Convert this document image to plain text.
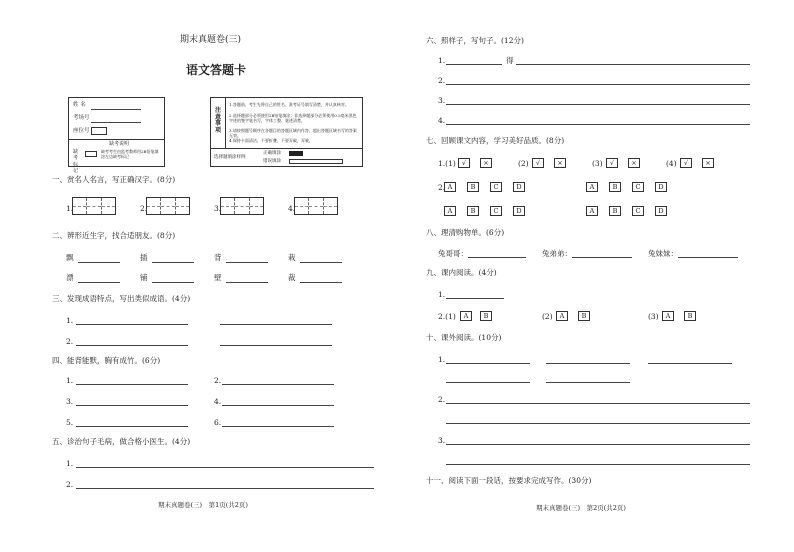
期末真题卷(三)
语文答题卡
姓 名
考场号
座位号
缺考说明
缺考标记
缺考考生由监考教师用2B铅笔填涂左边缺考标记
注意事项
1.答题前，考生先将自己的姓名、准考证号填写清楚，并认真核对。
2.选择题部分必须使用2B铅笔填涂；非选择题部分必须使用0.5毫米黑色字迹的签字笔书写，字体工整、笔迹清楚。
3.请按照题号顺序在各题目的答题区域内作答，超出答题区域书写的答案无效。
4.保持卡面清洁，不要折叠，不要弄破、弄皱。
选择题填涂样例
正确填涂
错误填涂
一、赏名人名言，写正确汉字。(8分)
1.	2.	3.	4.
二、辨形近生字，找合适朋友。(8分)
飘	插	背	栽
漂	铺	壁	裁
三、发现成语特点，写出类似成语。(4分)
1.
2.
四、能背能默，胸有成竹。(6分)
1.	2.
3.	4.
5.	6.
五、诊治句子毛病，做合格小医生。(4分)
1.
2.
期末真题卷(三)　第1页(共2页)
六、照样子，写句子。(12分)
1.	得
2.
3.
4.
七、回顾课文内容，学习美好品质。(8分)
1.(1) √	×	(2)	√	×	(3)	√	×	(4)	√	×
2. A	B	C	D	A	B	C	D
A	B	C	D	A	B	C	D
八、理清购物单。(6分)
兔哥哥：	兔弟弟：	兔妹妹：
九、课内阅读。(4分)
1.
2.(1)	A	B	(2)	A	B	(3)	A	B
十、课外阅读。(10分)
1.
2.
3.
十一、阅读下面一段话，按要求完成写作。(30分)
期末真题卷(三)　第2页(共2页)
